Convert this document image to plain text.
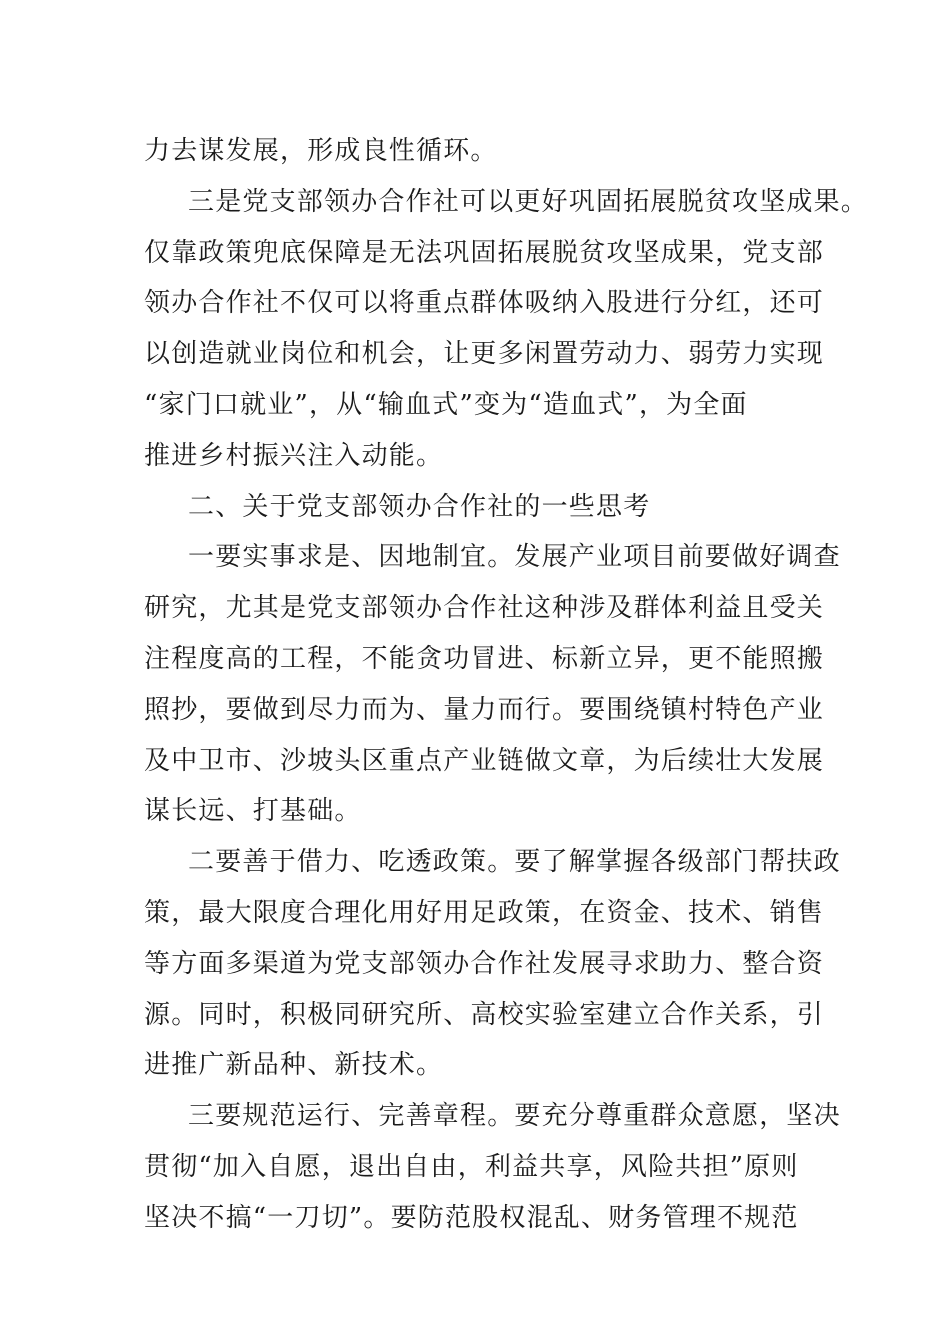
力去谋发展，形成良性循环。
三是党支部领办合作社可以更好巩固拓展脱贫攻坚成果。
仅靠政策兜底保障是无法巩固拓展脱贫攻坚成果，党支部
领办合作社不仅可以将重点群体吸纳入股进行分红，还可
以创造就业岗位和机会，让更多闲置劳动力、弱劳力实现
“家门口就业”，从“输血式”变为“造血式”，为全面
推进乡村振兴注入动能。
二、关于党支部领办合作社的一些思考
一要实事求是、因地制宜。发展产业项目前要做好调查
研究，尤其是党支部领办合作社这种涉及群体利益且受关
注程度高的工程，不能贪功冒进、标新立异，更不能照搬
照抄，要做到尽力而为、量力而行。要围绕镇村特色产业
及中卫市、沙坡头区重点产业链做文章，为后续壮大发展
谋长远、打基础。
二要善于借力、吃透政策。要了解掌握各级部门帮扶政
策，最大限度合理化用好用足政策，在资金、技术、销售
等方面多渠道为党支部领办合作社发展寻求助力、整合资
源。同时，积极同研究所、高校实验室建立合作关系，引
进推广新品种、新技术。
三要规范运行、完善章程。要充分尊重群众意愿，坚决
贯彻“加入自愿，退出自由，利益共享，风险共担”原则
坚决不搞“一刀切”。要防范股权混乱、财务管理不规范
